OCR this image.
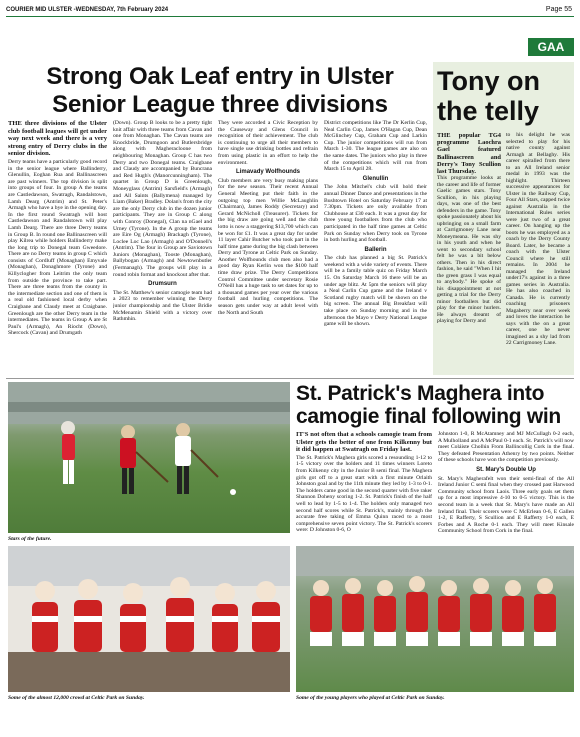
COURIER MID ULSTER -WEDNESDAY, 7th February 2024	Page 55
GAA
Strong Oak Leaf entry in Ulster Senior League three divisions

THE three divisions of the Ulster club football leagues will get under way next week and there is a very strong entry of Derry clubs in the senior division.

Derry teams have a particularly good record in the senior league where Ballinderry, Glenullin, Eoghan Rua and Ballinascreen are past winners. The top division is split into groups of four. In group A the teams are Castledawson, Swatragh, Randalstown, Lamh Dearg (Antrim) and St. Peter's Armagh who have a bye in the opening day. In the first round Swatragh will host Castledawson and Randalstown will play Lamh Dearg. There are three Derry teams in Group B. In round one Ballinascreen will play Kilrea while holders Ballinderry make the long trip to Donegal team Gweedore. There are no Derry teams in group C which consists of Cordluff (Monaghan) Emyvale (Monaghan), Donaghmore (Tyrone) and Killyclogher from Leitrim the only team from outside the province to take part. There are three teams from the county in the intermediate section and one of them is a real old fashioned local derby when Craigbane and Claudy meet at Craigbane. Greenlough are the other Derry team in the intermediates. The teams in Group A are St Paul's (Armagh), An Riocht (Down), Shercock (Cavan) and Drumgath

(Down). Group B looks to be a pretty tight knit affair with three teams from Cavan and one from Monaghan. The Cavan teams are Knockbride, Drumgoon and Butlersbridge along with Magheracloone from neighbouring Monaghan. Group C has two Derry and two Donegal teams. Craigbane and Claudy are accompanied by Buncrana and Red Hugh's (Manorcunningham). The quartet in Group D is Greenlough, Moneyglass (Antrim) Sarsfield's (Armagh) and All Saints (Ballymena) managed by Liam (Baker) Bradley. Dolan's from the city are the only Derry club in the dozen junior participants. They are in Group C along with Conroy (Donegal), Clan na nGael and Urney (Tyrone). In the A group the teams are Eire Og (Armagh) Brackagh (Tyrone), Loclee Loc Lao (Armagh) and O'Donnell's (Antrim). The four in Group are Saviotown Juniors (Monaghan), Tooste (Monaghan), Ballybogan (Armagh) and Newtownbutler (Fermanagh). The groups will play in a round robin format and knockout after that.

Drumsurn

The St. Matthew's senior camogie team had a 2023 to remember winning the Derry junior championship and the Ulster Bridie McMenamin Shield with a victory over Rathmhin.

They were accorded a Civic Reception by the Causeway and Glens Council in recognition of their achievement. The club is continuing to urge all their members to have single use drinking bottles and refrain from using plastic in an effort to help the environment.

Limavady Wolfhounds

Club members are very busy making plans for the new season. Their recent Annual General Meeting put their faith in the outgoing top men Willie McLaughlin (Chairman), James Roddy (Secretary) and Gerard McNicholl (Treasurer). Tickets for the big draw are going well and the club lotto is now a staggering $13,700 which can be won for £1. It was a great day for under 11 layer Cahir Butcher who took part in the half time game during the big clash between Derry and Tyrone at Celtic Park on Sunday. Another Wolfhounds club men also had a good day Ryan Kerlin won the $100 half time draw prize. The Derry Competitions Control Committee under secretary Rosie O'Neill has a huge task to set dates for up to a thousand games per year over the various football and hurling competitions. The season gets under way at adult level with the North and South

District competitions like The Dr Kerlin Cup, Neal Carlin Cup, James O'Hagan Cup, Dean McGlinchey Cup, Graham Cup and Larkin Cup. The junior competitions will run from March 1-30. The league games are also on the same dates. The juniors who play in three of the competitions which will run from March 15 to April 28.

Glenullin

The John Mitchel's club will hold their annual Dinner Dance and presentations in the Bushtown Hotel on Saturday February 17 at 7.30pm. Tickets are only available from Clubhouse at £30 each. It was a great day for three young footballers from the club who participated in the half time games at Celtic Park on Sunday when Derry took on Tyrone in both hurling and football.

Ballerin

The club has planned a big St. Patrick's weekend with a wide variety of events. There will be a family table quiz on Friday March 15. On Saturday March 16 there will be an under age blitz. At 5pm the seniors will play a Neal Carlin Cup game and the Ireland v Scotland rugby match will be shown on the big screen. The annual Big Breakfast will take place on Sunday morning and in the afternoon the Mayo v Derry National League game will be shown.

Tony on the telly

THE popular TG4 programme Laochra Gael featured Ballinascreen and Derry's Tony Scullion last Thursday.

This programme looks at the career and life of former Gaelic games stars. Tony Scullion, in his playing days, was one of the best defenders in the game. Tony spoke passionately about his upbringing on a small farm at Carrigmoney Lane near Moneymeana. He was shy in his youth and when he went to secondary school felt he was a bit below others. Then in his direct fashion, he said "When I hit the green grass I was equal to anybody." He spoke of his disappointment at not getting a trial for the Derry minor footballers but did play for the minor hurlers. He always dreamt of playing for Derry and

to his delight he was selected to play for his native county against Armagh at Bellaghy. His career spiralled from there to an All Ireland senior medal in 1993 was the highlight. Thirteen successive appearances for Ulster in the Railway Cup, Four All Stars, capped twice against Australia in the International Rules series were just two of a great career. On hanging up the boots he was employed as a coach by the Derry County Board. Later, he became a coach with the Ulster Council where he still remains. In 2004 he managed the Ireland under17's against in a three games series in Australia. He has also coached in Canada. He is currently coaching prisoners Magaberry near over week and loves the interaction he says with the on a great career, one he never imagined as a shy lad from 22 Carrigmoney Lane.

Stars of the future.
Some of the almost 12,000 crowd at Celtic Park on Sunday.
St. Patrick's Maghera into camogie final following win

IT'S not often that a schools camogie team from Ulster gets the better of one from Kilkenny but it did happen at Swatragh on Friday last.

The St. Patrick's Maghera girls scored a resounding 1-12 to 1-5 victory over the holders and 11 times winners Loreto from Kilkenny city in the Junior B semi final. The Maghera girls got off to a great start with a first minute Orlaith Johnston goal and by the 11th minute they led by 1-3 to 0-1. The holders came good in the second quarter with five raker Shannon Doheny scoring 1-2. St. Patrick's finish of the half well to lead by 1-5 to 1-4. The holders only managed two second half scores while St. Patrick's, mainly through the accurate free taking of Emma Quinn raced to a most comprehensive seven point victory. The St. Patrick's scorers were: D Johnston 0-6, O

Johnston 1-0, R McAtamney and MJ McCullagh 0-2 each, A Mulholland and A McPaul 0-1 each. St. Patrick's will now meet Coláiste Chollún From Ballincollig Cork in the final. They defeated Presentation Athenry by two points. Neither of these schools have won the competition previously.

St. Mary's Double Up

St. Mary's Magherafelt won their semi-final of the All Ireland Junior C semi final when they crossed past Harwood Community school from Laois. Three early goals set them up for a most impressive 4-10 to 0-5 victory. This is the second team in a week that St. Mary's have made an All Ireland final. Their scorers were C McErlean 0-6, E Gallen 1-2, E Rafferty, S Scullion and E Rafferty 1-0 each, E Forbes and A Roche 0-1 each. They will meet Kinsale Community School from Cork in the final.

Some of the young players who played at Celtic Park on Sunday.
